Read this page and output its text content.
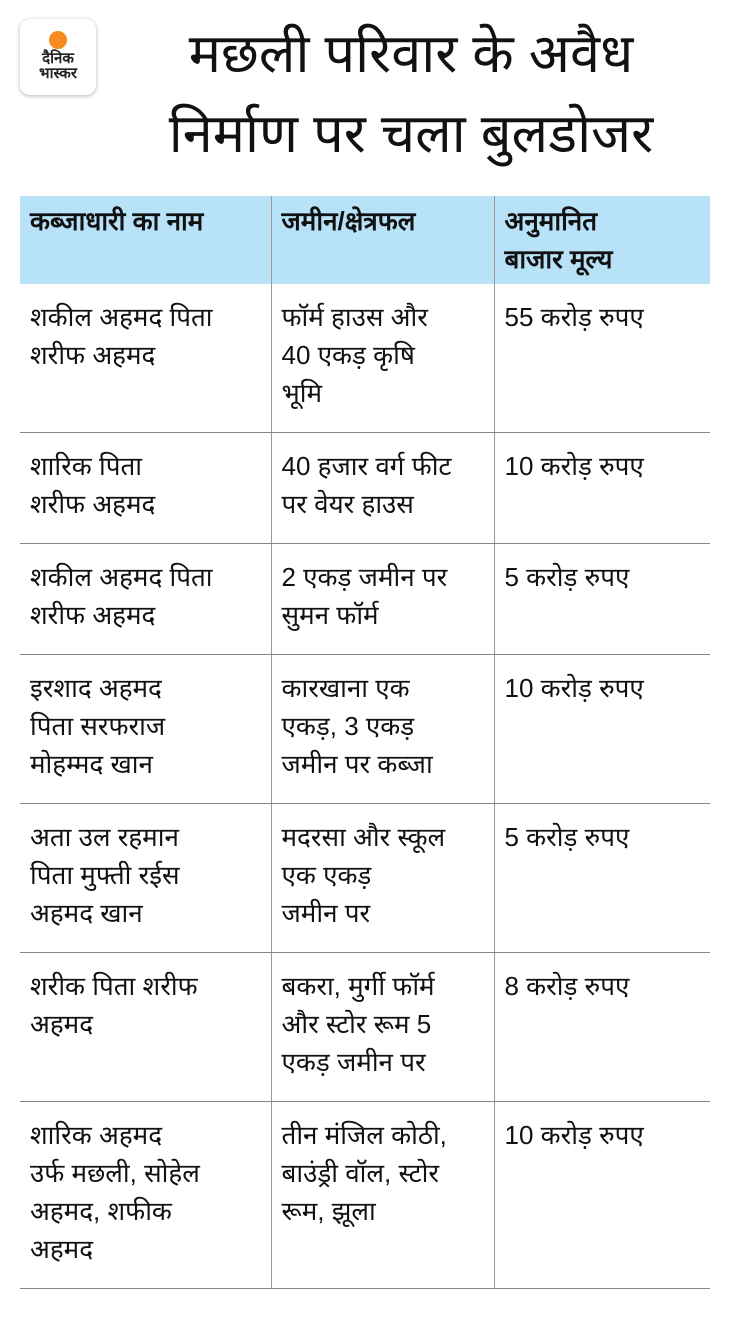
दैनिक
भास्कर	मछली परिवार के अवैध
निर्माण पर चला बुलडोजर
कब्जाधारी का नाम	जमीन/क्षेत्रफल	अनुमानित
बाजार मूल्य
शकील अहमद पिता
शरीफ अहमद	फॉर्म हाउस और
40 एकड़ कृषि
भूमि	55 करोड़ रुपए
शारिक पिता
शरीफ अहमद	40 हजार वर्ग फीट
पर वेयर हाउस	10 करोड़ रुपए
शकील अहमद पिता
शरीफ अहमद	2 एकड़ जमीन पर
सुमन फॉर्म	5 करोड़ रुपए
इरशाद अहमद
पिता सरफराज
मोहम्मद खान	कारखाना एक
एकड़, 3 एकड़
जमीन पर कब्जा	10 करोड़ रुपए
अता उल रहमान
पिता मुफ्ती रईस
अहमद खान	मदरसा और स्कूल
एक एकड़
जमीन पर	5 करोड़ रुपए
शरीक पिता शरीफ
अहमद	बकरा, मुर्गी फॉर्म
और स्टोर रूम 5
एकड़ जमीन पर	8 करोड़ रुपए
शारिक अहमद
उर्फ मछली, सोहेल
अहमद, शफीक
अहमद	तीन मंजिल कोठी,
बाउंड्री वॉल, स्टोर
रूम, झूला	10 करोड़ रुपए
